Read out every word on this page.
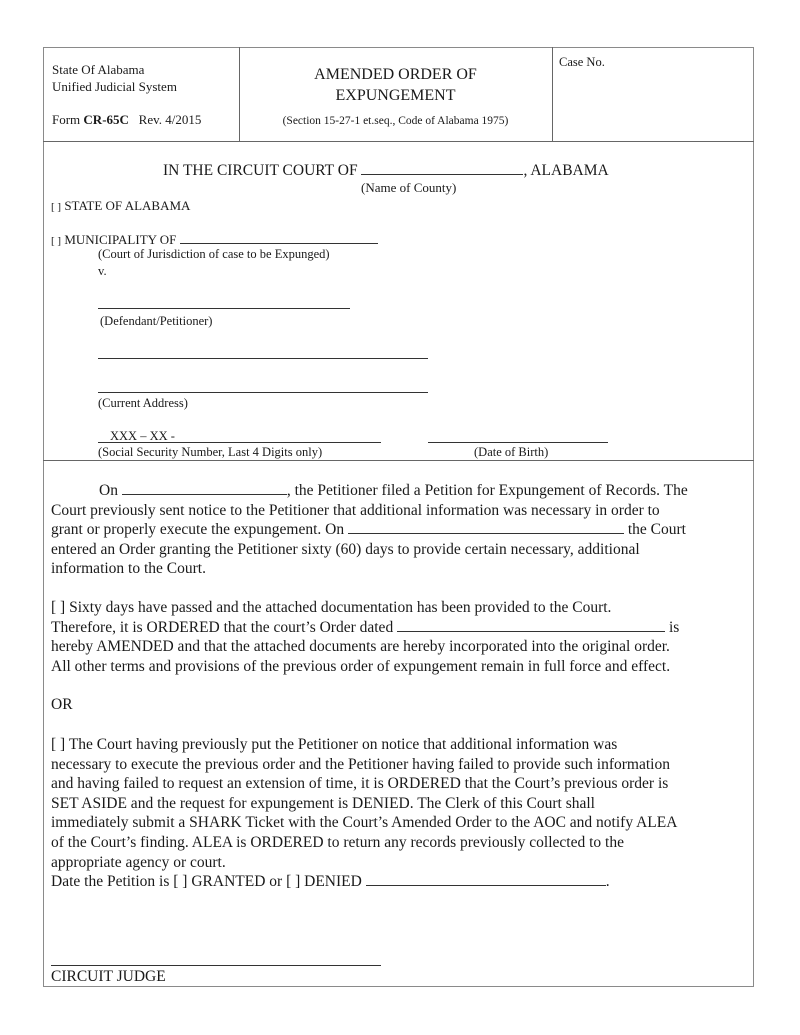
State Of Alabama
Unified Judicial System
Form CR-65C Rev. 4/2015
AMENDED ORDER OF
EXPUNGEMENT
(Section 15-27-1 et.seq., Code of Alabama 1975)
Case No.
IN THE CIRCUIT COURT OF	, ALABAMA
(Name of County)
[ ] STATE OF ALABAMA
[ ] MUNICIPALITY OF
(Court of Jurisdiction of case to be Expunged)
v.
(Defendant/Petitioner)
(Current Address)
XXX – XX -
(Social Security Number, Last 4 Digits only)	(Date of Birth)
On	, the Petitioner filed a Petition for Expungement of Records. The
Court previously sent notice to the Petitioner that additional information was necessary in order to
grant or properly execute the expungement. On	the Court
entered an Order granting the Petitioner sixty (60) days to provide certain necessary, additional
information to the Court.
[ ] Sixty days have passed and the attached documentation has been provided to the Court.
Therefore, it is ORDERED that the court’s Order dated	is
hereby AMENDED and that the attached documents are hereby incorporated into the original order.
All other terms and provisions of the previous order of expungement remain in full force and effect.
OR
[ ] The Court having previously put the Petitioner on notice that additional information was
necessary to execute the previous order and the Petitioner having failed to provide such information
and having failed to request an extension of time, it is ORDERED that the Court’s previous order is
SET ASIDE and the request for expungement is DENIED. The Clerk of this Court shall
immediately submit a SHARK Ticket with the Court’s Amended Order to the AOC and notify ALEA
of the Court’s finding. ALEA is ORDERED to return any records previously collected to the
appropriate agency or court.
Date the Petition is [ ] GRANTED or [ ] DENIED	.
CIRCUIT JUDGE
